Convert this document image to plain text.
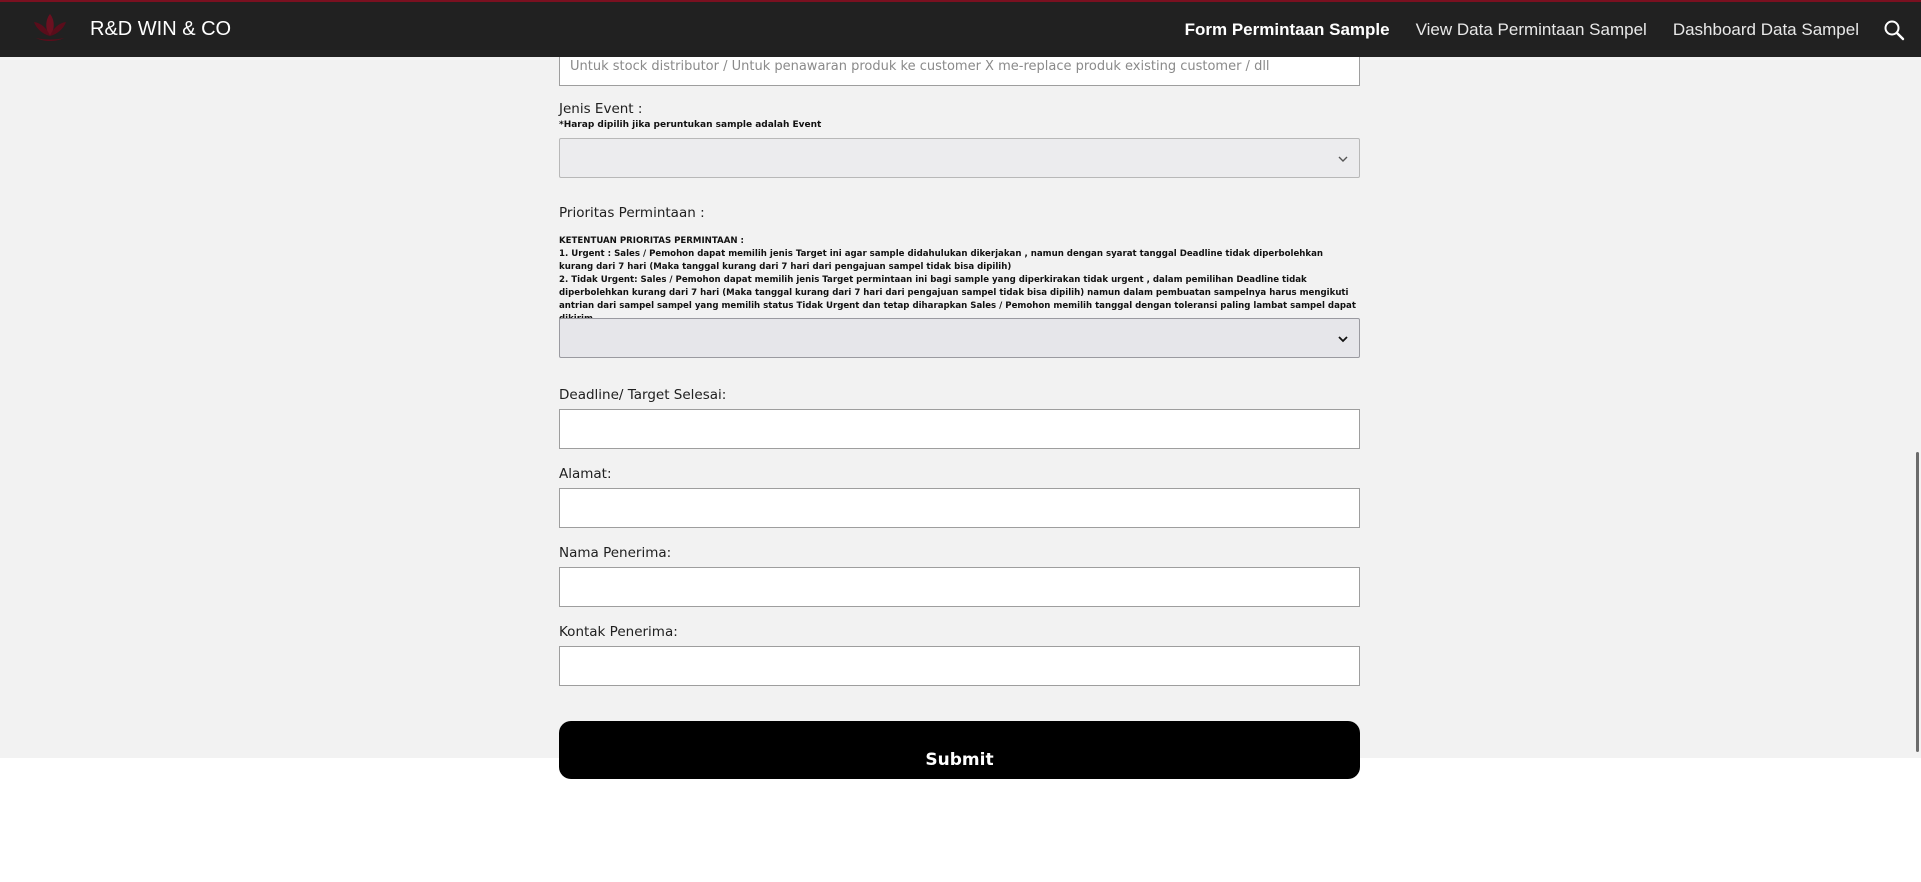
Untuk stock distributor / Untuk penawaran produk ke customer X me-replace produk existing customer / dll
Jenis Event :
*Harap dipilih jika peruntukan sample adalah Event
Prioritas Permintaan :

KETENTUAN PRIORITAS PERMINTAAN :

1. Urgent : Sales / Pemohon dapat memilih jenis Target ini agar sample didahulukan dikerjakan , namun dengan syarat tanggal Deadline tidak diperbolehkan kurang dari 7 hari (Maka tanggal kurang dari 7 hari dari pengajuan sampel tidak bisa dipilih)

2. Tidak Urgent: Sales / Pemohon dapat memilih jenis Target permintaan ini bagi sample yang diperkirakan tidak urgent , dalam pemilihan Deadline tidak diperbolehkan kurang dari 7 hari (Maka tanggal kurang dari 7 hari dari pengajuan sampel tidak bisa dipilih) namun dalam pembuatan sampelnya harus mengikuti antrian dari sampel sampel yang memilih status Tidak Urgent dan tetap diharapkan Sales / Pemohon memilih tanggal dengan toleransi paling lambat sampel dapat

Deadline/ Target Selesai:
Alamat:
Nama Penerima:
Kontak Penerima:
Submit
R&D WIN & CO	Form Permintaan Sample View Data Permintaan Sampel Dashboard Data Sampel
